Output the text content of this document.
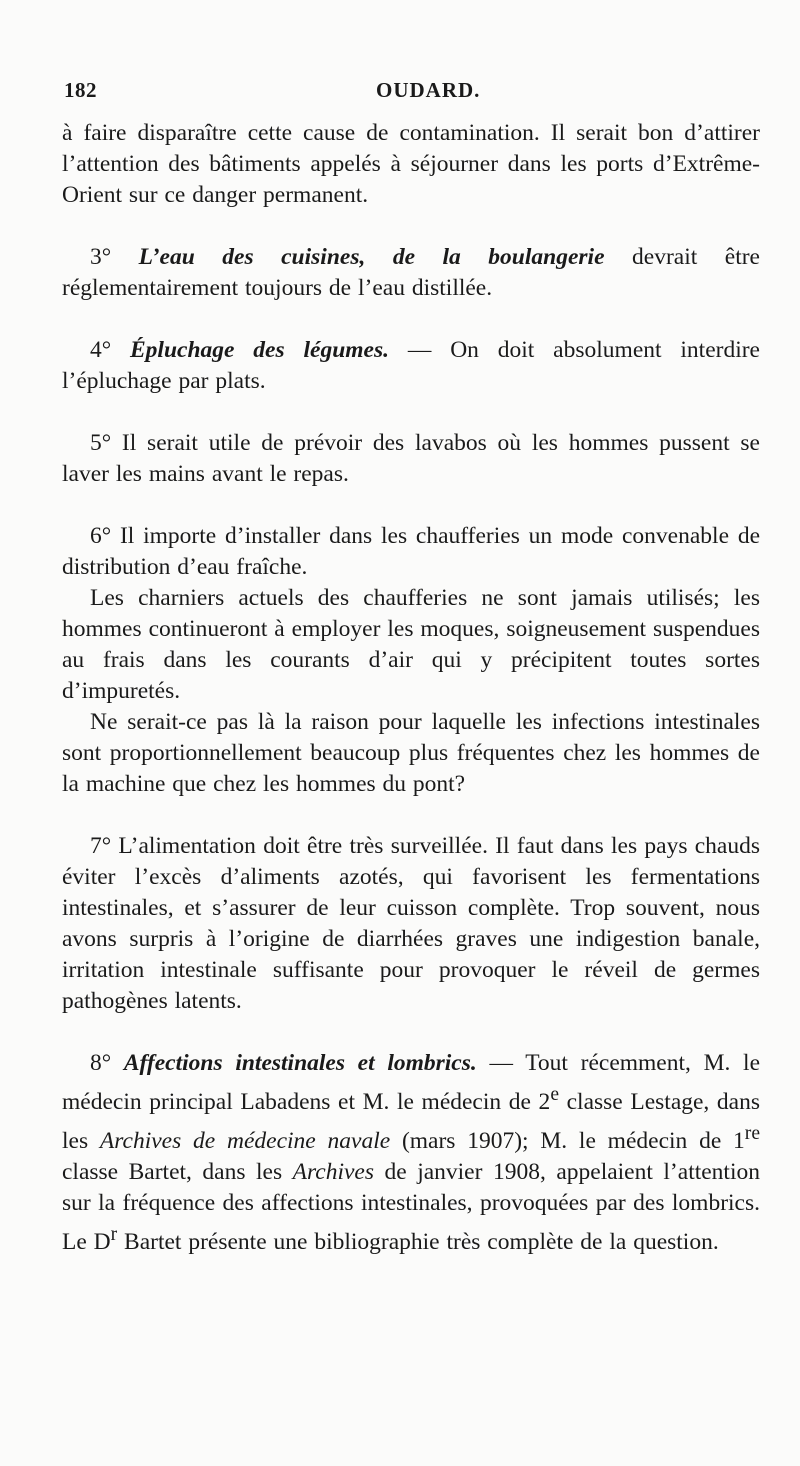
182	OUDARD.

à faire disparaître cette cause de contamination. Il serait bon d’attirer l’attention des bâtiments appelés à séjourner dans les ports d’Extrême-Orient sur ce danger permanent.

3° L’eau des cuisines, de la boulangerie devrait être réglementairement toujours de l’eau distillée.

4° Épluchage des légumes. — On doit absolument interdire l’épluchage par plats.

5° Il serait utile de prévoir des lavabos où les hommes pussent se laver les mains avant le repas.

6° Il importe d’installer dans les chaufferies un mode convenable de distribution d’eau fraîche.

Les charniers actuels des chaufferies ne sont jamais utilisés; les hommes continueront à employer les moques, soigneusement suspendues au frais dans les courants d’air qui y précipitent toutes sortes d’impuretés.

Ne serait-ce pas là la raison pour laquelle les infections intestinales sont proportionnellement beaucoup plus fréquentes chez les hommes de la machine que chez les hommes du pont?

7° L’alimentation doit être très surveillée. Il faut dans les pays chauds éviter l’excès d’aliments azotés, qui favorisent les fermentations intestinales, et s’assurer de leur cuisson complète. Trop souvent, nous avons surpris à l’origine de diarrhées graves une indigestion banale, irritation intestinale suffisante pour provoquer le réveil de germes pathogènes latents.

8° Affections intestinales et lombrics. — Tout récemment, M. le médecin principal Labadens et M. le médecin de 2e classe Lestage, dans les Archives de médecine navale (mars 1907); M. le médecin de 1re classe Bartet, dans les Archives de janvier 1908, appelaient l’attention sur la fréquence des affections intestinales, provoquées par des lombrics. Le $D^r$ Bartet présente une bibliographie très complète de la question.
